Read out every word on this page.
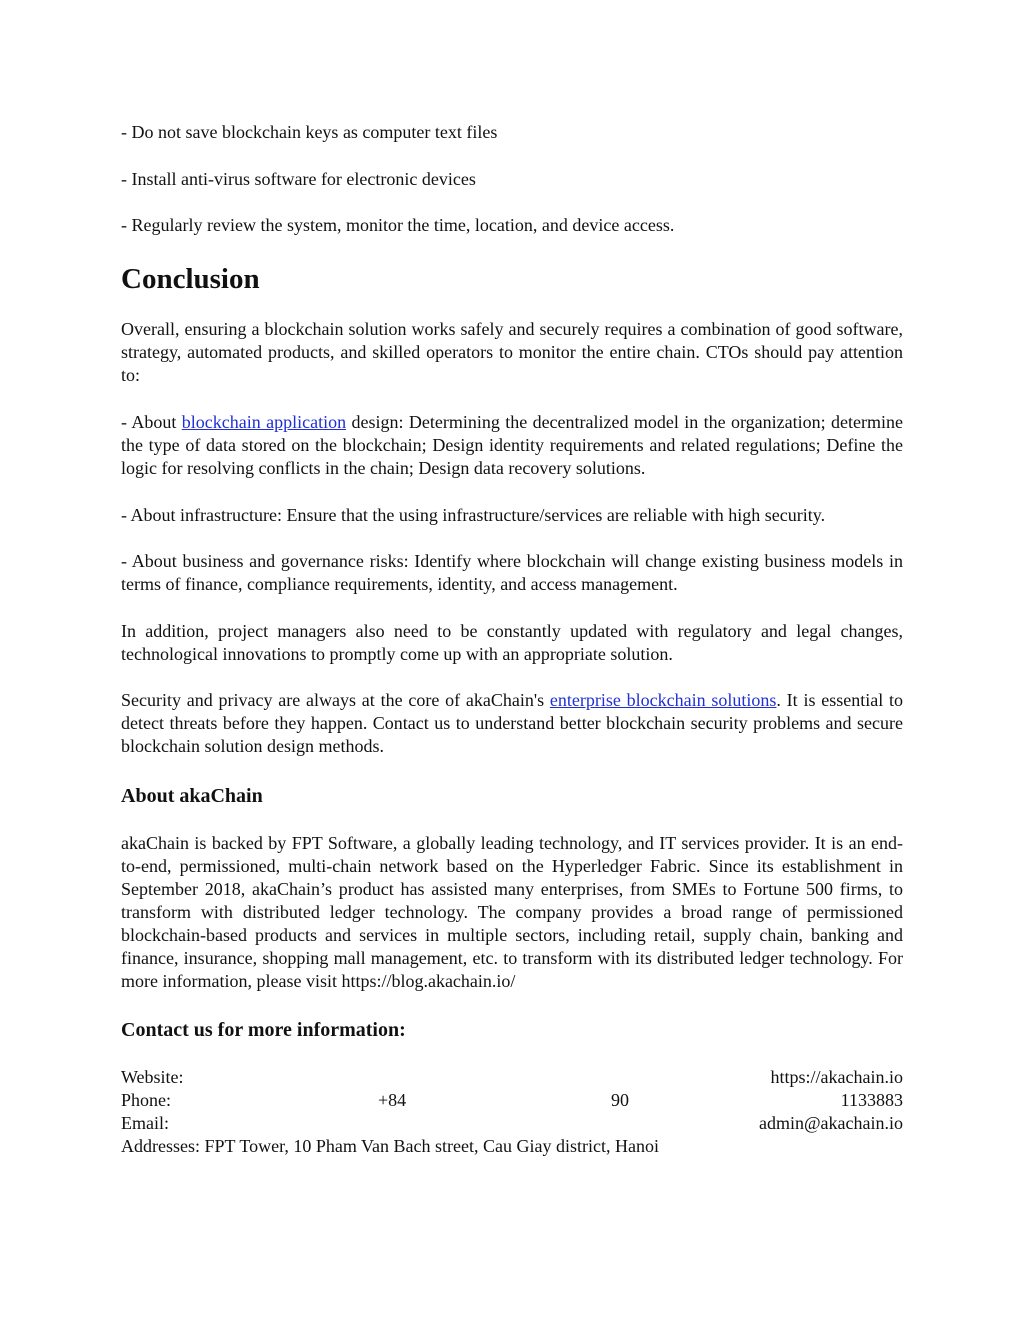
- Do not save blockchain keys as computer text files

- Install anti-virus software for electronic devices

- Regularly review the system, monitor the time, location, and device access.

Conclusion

Overall, ensuring a blockchain solution works safely and securely requires a combination of good software, strategy, automated products, and skilled operators to monitor the entire chain. CTOs should pay attention to:

- About blockchain application design: Determining the decentralized model in the organization; determine the type of data stored on the blockchain; Design identity requirements and related regulations; Define the logic for resolving conflicts in the chain; Design data recovery solutions.

- About infrastructure: Ensure that the using infrastructure/services are reliable with high security.

- About business and governance risks: Identify where blockchain will change existing business models in terms of finance, compliance requirements, identity, and access management.

In addition, project managers also need to be constantly updated with regulatory and legal changes, technological innovations to promptly come up with an appropriate solution.

Security and privacy are always at the core of akaChain's enterprise blockchain solutions. It is essential to detect threats before they happen. Contact us to understand better blockchain security problems and secure blockchain solution design methods.

About akaChain

akaChain is backed by FPT Software, a globally leading technology, and IT services provider. It is an end-to-end, permissioned, multi-chain network based on the Hyperledger Fabric. Since its establishment in September 2018, akaChain’s product has assisted many enterprises, from SMEs to Fortune 500 firms, to transform with distributed ledger technology. The company provides a broad range of permissioned blockchain-based products and services in multiple sectors, including retail, supply chain, banking and finance, insurance, shopping mall management, etc. to transform with its distributed ledger technology. For more information, please visit https://blog.akachain.io/

Contact us for more information:
Website:	https://akachain.io
Phone:	+84	90	1133883
Email:	admin@akachain.io
Addresses: FPT Tower, 10 Pham Van Bach street, Cau Giay district, Hanoi
